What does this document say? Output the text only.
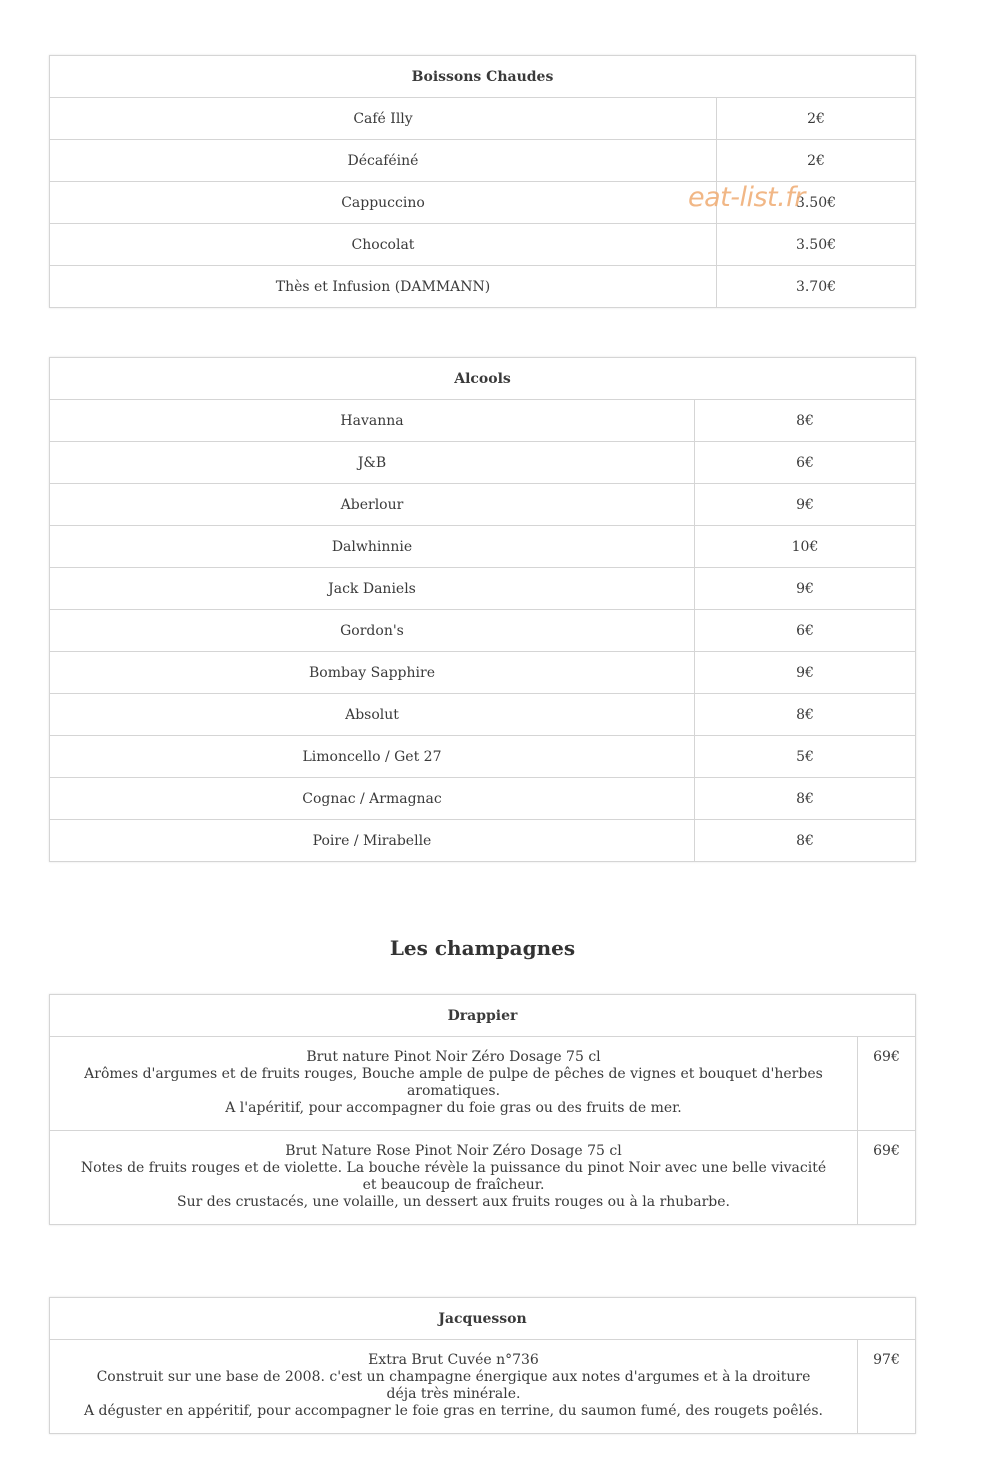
Boissons Chaudes	
Café Illy	2€
Décaféiné	2€
Cappuccino	3.50€
Chocolat	3.50€
Thès et Infusion (DAMMANN)	3.70€
eat-list.fr
Alcools	
Havanna	8€
J&B	6€
Aberlour	9€
Dalwhinnie	10€
Jack Daniels	9€
Gordon's	6€
Bombay Sapphire	9€
Absolut	8€
Limoncello / Get 27	5€
Cognac / Armagnac	8€
Poire / Mirabelle	8€
Les champagnes
Drappier	

Brut nature Pinot Noir Zéro Dosage 75 cl
Arômes d'argumes et de fruits rouges, Bouche ample de pulpe de pêches de vignes et bouquet d'herbes aromatiques.
A l'apéritif, pour accompagner du foie gras ou des fruits de mer.	69€

Brut Nature Rose Pinot Noir Zéro Dosage 75 cl
Notes de fruits rouges et de violette. La bouche révèle la puissance du pinot Noir avec une belle vivacité et beaucoup de fraîcheur.
Sur des crustacés, une volaille, un dessert aux fruits rouges ou à la rhubarbe.	69€
Jacquesson

Extra Brut Cuvée n°736
Construit sur une base de 2008. c'est un champagne énergique aux notes d'argumes et à la droiture déja très minérale.
A déguster en appéritif, pour accompagner le foie gras en terrine, du saumon fumé, des rougets poêlés.
	97€
